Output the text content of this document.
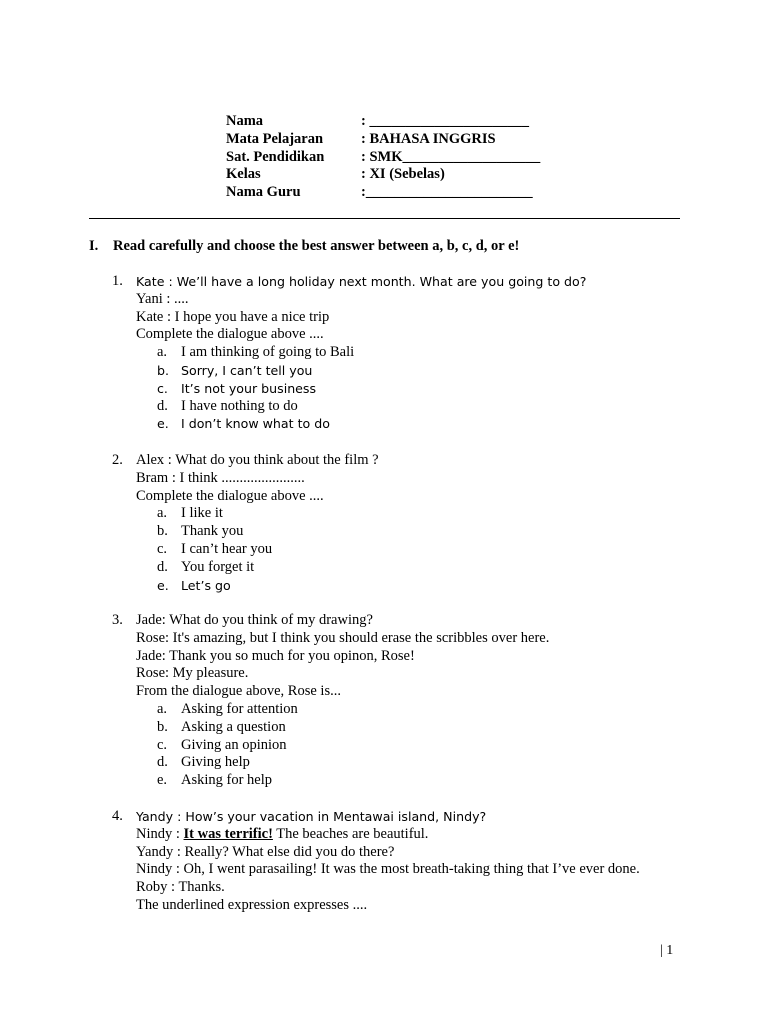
Nama	: ______________________
Mata Pelajaran	: BAHASA INGGRIS
Sat. Pendidikan	: SMK___________________
Kelas	: XI (Sebelas)
Nama Guru	:_______________________
I.	Read carefully and choose the best answer between a, b, c, d, or e!
1.	Kate : We’ll have a long holiday next month. What are you going to do?
Yani : ....
Kate : I hope you have a nice trip
Complete the dialogue above ....
a. I am thinking of going to Bali
b. Sorry, I can’t tell you
c.	It’s not your business
d. I have nothing to do
e. I don’t know what to do
2. Alex : What do you think about the film ?
Bram : I think .......................
Complete the dialogue above ....
a. I like it
b. Thank you
c. I can’t hear you
d. You forget it
e. Let’s go
3. Jade: What do you think of my drawing?
Rose: It's amazing, but I think you should erase the scribbles over here.
Jade: Thank you so much for you opinon, Rose!
Rose: My pleasure.
From the dialogue above, Rose is...
a. Asking for attention
b. Asking a question
c. Giving an opinion
d. Giving help
e. Asking for help
4.	Yandy : How’s your vacation in Mentawai island, Nindy?
Nindy : It was terrific! The beaches are beautiful.
Yandy : Really? What else did you do there?
Nindy : Oh, I went parasailing! It was the most breath-taking thing that I’ve ever done.
Roby : Thanks.
The underlined expression expresses ....
| 1
